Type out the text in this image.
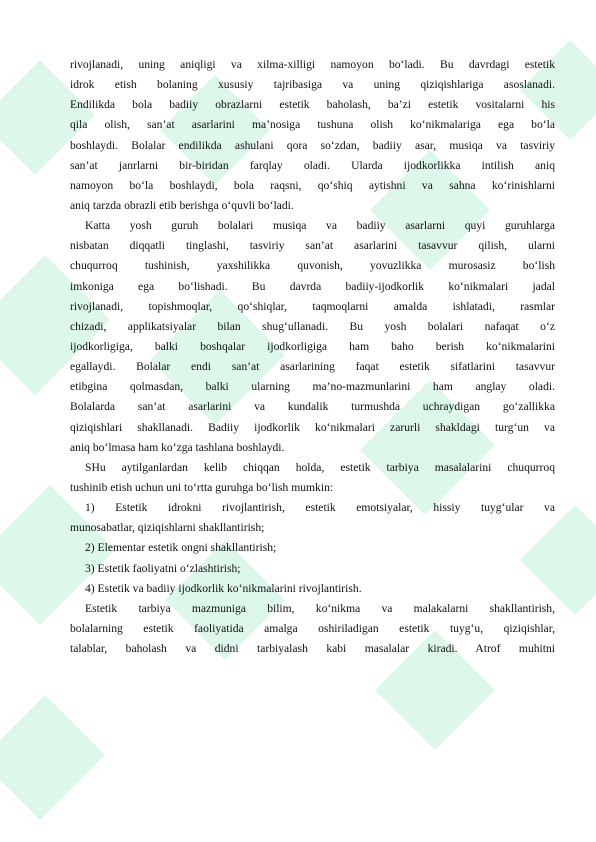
rivojlanadi, uning aniqligi va xilma-xilligi namoyon bo‘ladi. Bu davrdagi estetik
idrok etish bolaning xususiy tajribasiga va uning qiziqishlariga asoslanadi.
Endilikda bola badiiy obrazlarni estetik baholash, ba’zi estetik vositalarni his
qila olish, san’at asarlarini ma’nosiga tushuna olish ko‘nikmalariga ega bo‘la
boshlaydi. Bolalar endilikda ashulani qora so‘zdan, badiiy asar, musiqa va tasviriy
san’at janrlarni bir-biridan farqlay oladi. Ularda ijodkorlikka intilish aniq
namoyon bo‘la boshlaydi, bola raqsni, qo‘shiq aytishni va sahna ko‘rinishlarni
aniq tarzda obrazli etib berishga o‘quvli bo‘ladi.
Katta yosh guruh bolalari musiqa va badiiy asarlarni quyi guruhlarga
nisbatan diqqatli tinglashi, tasviriy san’at asarlarini tasavvur qilish, ularni
chuqurroq tushinish, yaxshilikka quvonish, yovuzlikka murosasiz bo‘lish
imkoniga ega bo‘lishadi. Bu davrda badiiy-ijodkorlik ko‘nikmalari jadal
rivojlanadi, topishmoqlar, qo‘shiqlar, taqmoqlarni amalda ishlatadi, rasmlar
chizadi, applikatsiyalar bilan shug‘ullanadi. Bu yosh bolalari nafaqat o‘z
ijodkorligiga, balki boshqalar ijodkorligiga ham baho berish ko‘nikmalarini
egallaydi. Bolalar endi san’at asarlarining faqat estetik sifatlarini tasavvur
etibgina qolmasdan, balki ularning ma’no-mazmunlarini ham anglay oladi.
Bolalarda san’at asarlarini va kundalik turmushda uchraydigan go‘zallikka
qiziqishlari shakllanadi. Badiiy ijodkorlik ko‘nikmalari zarurli shakldagi turg‘un va
aniq bo‘lmasa ham ko‘zga tashlana boshlaydi.
SHu aytilganlardan kelib chiqqan holda, estetik tarbiya masalalarini chuqurroq
tushinib etish uchun uni to‘rtta guruhga bo‘lish mumkin:
1) Estetik idrokni rivojlantirish, estetik emotsiyalar, hissiy tuyg‘ular va
munosabatlar, qiziqishlarni shakllantirish;
2) Elementar estetik ongni shakllantirish;
3) Estetik faoliyatni o‘zlashtirish;
4) Estetik va badiiy ijodkorlik ko‘nikmalarini rivojlantirish.
Estetik tarbiya mazmuniga bilim, ko‘nikma va malakalarni shakllantirish,
bolalarning estetik faoliyatida amalga oshiriladigan estetik tuyg‘u, qiziqishlar,
talablar, baholash va didni tarbiyalash kabi masalalar kiradi. Atrof muhitni
